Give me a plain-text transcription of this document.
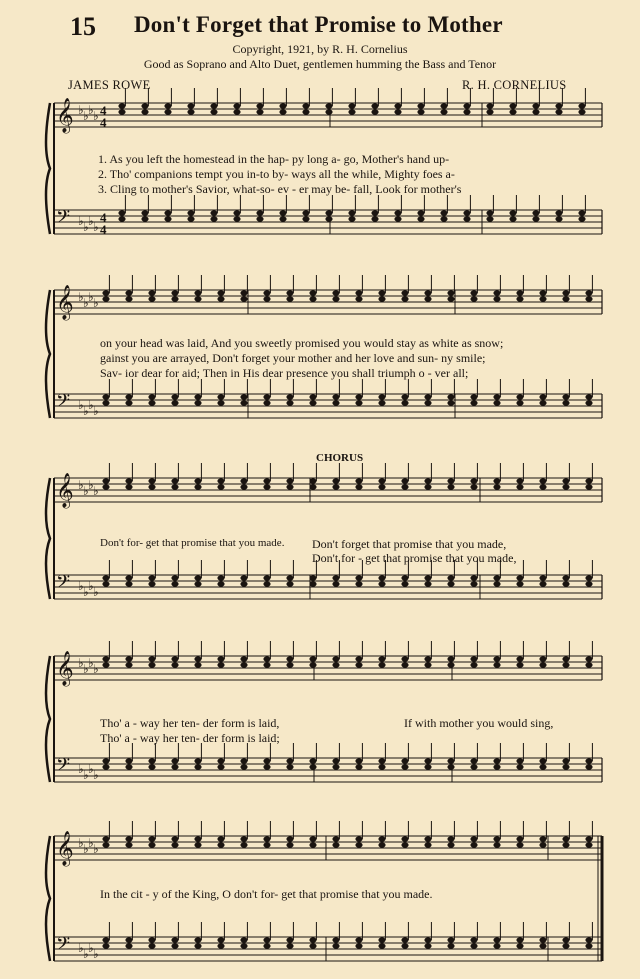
15 Don't Forget that Promise to Mother
Copyright, 1921, by R. H. Cornelius
Good as Soprano and Alto Duet, gentlemen humming the Bass and Tenor
JAMES ROWE	R. H. CORNELIUS
𝄞
𝄢
♭
♭
♭
♭
♭
♭
♭
♭
4
4
4
4
𝄞
𝄢
♭
♭
♭
♭
♭
♭
♭
♭
𝄞
𝄢
♭
♭
♭
♭
♭
♭
♭
♭
𝄞
𝄢
♭
♭
♭
♭
♭
♭
♭
♭
𝄞
𝄢
♭
♭
♭
♭
♭
♭
♭
♭
1. As you left the homestead in the hap- py long a- go, Mother's hand up-
2. Tho' companions tempt you in-to by- ways all the while, Mighty foes a-
3. Cling to mother's Savior, what-so- ev - er may be- fall, Look for mother's
on your head was laid, And you sweetly promised you would stay as white as snow;
gainst you are arrayed, Don't forget your mother and her love and sun- ny smile;
Sav- ior dear for aid; Then in His dear presence you shall triumph o - ver all;
CHORUS
Don't for- get that promise that you made. Don't forget that promise that you made,
Don't for - get that promise that you made,
Tho' a - way her ten- der form is laid,	If with mother you would sing,
Tho' a - way her ten- der form is laid;
In the cit - y of the King, O don't for- get that promise that you made.
